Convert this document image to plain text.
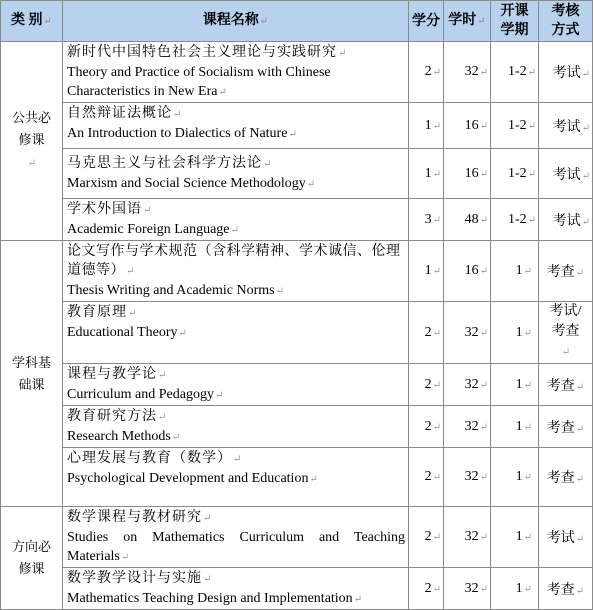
类 别↵	课程名称↵	学分	学时↵	开课学期	考核方式
公共必修课
↵	新时代中国特色社会主义理论与实践研究↵
Theory and Practice of Socialism with Chinese Characteristics in New Era↵	2↵	32↵	1-2↵	考试↵

	自然辩证法概论↵
An Introduction to Dialectics of Nature↵	1↵	16↵	1-2↵	考试↵

	马克思主义与社会科学方法论↵
Marxism and Social Science Methodology↵	1↵	16↵	1-2↵	考试↵

	学术外国语↵
Academic Foreign Language↵	3↵	48↵	1-2↵	考试↵
学科基础课	论文写作与学术规范（含科学精神、学术诚信、伦理道德等）↵
Thesis Writing and Academic Norms↵	1↵	16↵	1↵	考查↵

	教育原理↵
Educational Theory↵	2↵	32↵	1↵	考试/考查↵

	课程与教学论↵
Curriculum and Pedagogy↵	2↵	32↵	1↵	考查↵

	教育研究方法↵
Research Methods↵	2↵	32↵	1↵	考查↵

	心理发展与教育（数学）↵
Psychological Development and Education↵	2↵	32↵	1↵	考查↵
方向必修课	数学课程与教材研究↵
Studies on Mathematics Curriculum and Teaching Materials↵	2↵	32↵	1↵	考试↵

	数学教学设计与实施↵
Mathematics Teaching Design and Implementation↵	2↵	32↵	1↵	考查↵
